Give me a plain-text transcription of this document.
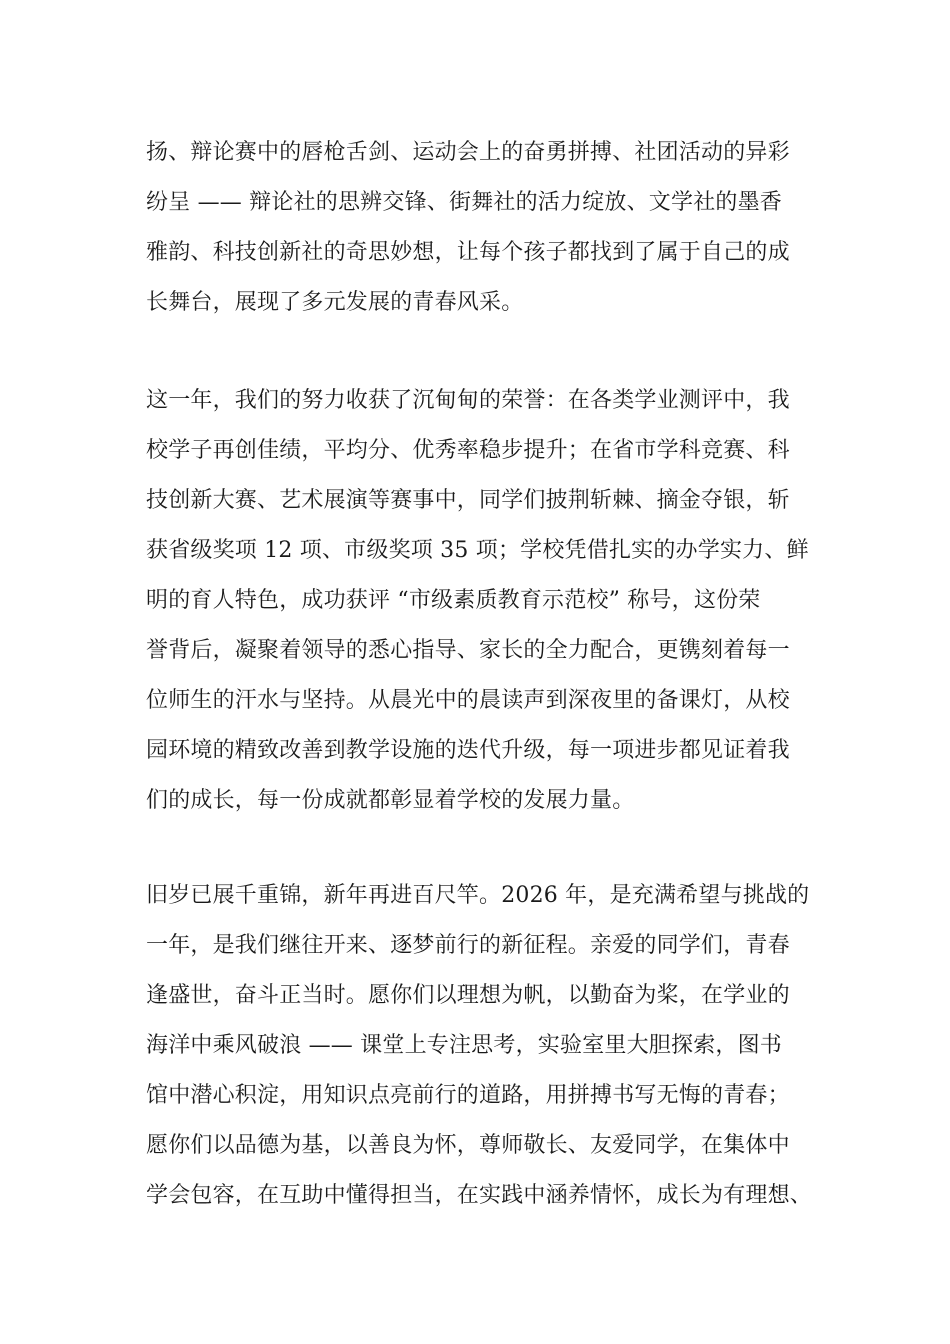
扬、辩论赛中的唇枪舌剑、运动会上的奋勇拼搏、社团活动的异彩
纷呈 —— 辩论社的思辨交锋、街舞社的活力绽放、文学社的墨香
雅韵、科技创新社的奇思妙想，让每个孩子都找到了属于自己的成
长舞台，展现了多元发展的青春风采。

这一年，我们的努力收获了沉甸甸的荣誉：在各类学业测评中，我
校学子再创佳绩，平均分、优秀率稳步提升；在省市学科竞赛、科
技创新大赛、艺术展演等赛事中，同学们披荆斩棘、摘金夺银，斩
获省级奖项 12 项、市级奖项 35 项；学校凭借扎实的办学实力、鲜
明的育人特色，成功获评 “市级素质教育示范校” 称号，这份荣
誉背后，凝聚着领导的悉心指导、家长的全力配合，更镌刻着每一
位师生的汗水与坚持。从晨光中的晨读声到深夜里的备课灯，从校
园环境的精致改善到教学设施的迭代升级，每一项进步都见证着我
们的成长，每一份成就都彰显着学校的发展力量。

旧岁已展千重锦，新年再进百尺竿。2026 年，是充满希望与挑战的
一年，是我们继往开来、逐梦前行的新征程。亲爱的同学们，青春
逢盛世，奋斗正当时。愿你们以理想为帆，以勤奋为桨，在学业的
海洋中乘风破浪 —— 课堂上专注思考，实验室里大胆探索，图书
馆中潜心积淀，用知识点亮前行的道路，用拼搏书写无悔的青春；
愿你们以品德为基，以善良为怀，尊师敬长、友爱同学，在集体中
学会包容，在互助中懂得担当，在实践中涵养情怀，成长为有理想、
